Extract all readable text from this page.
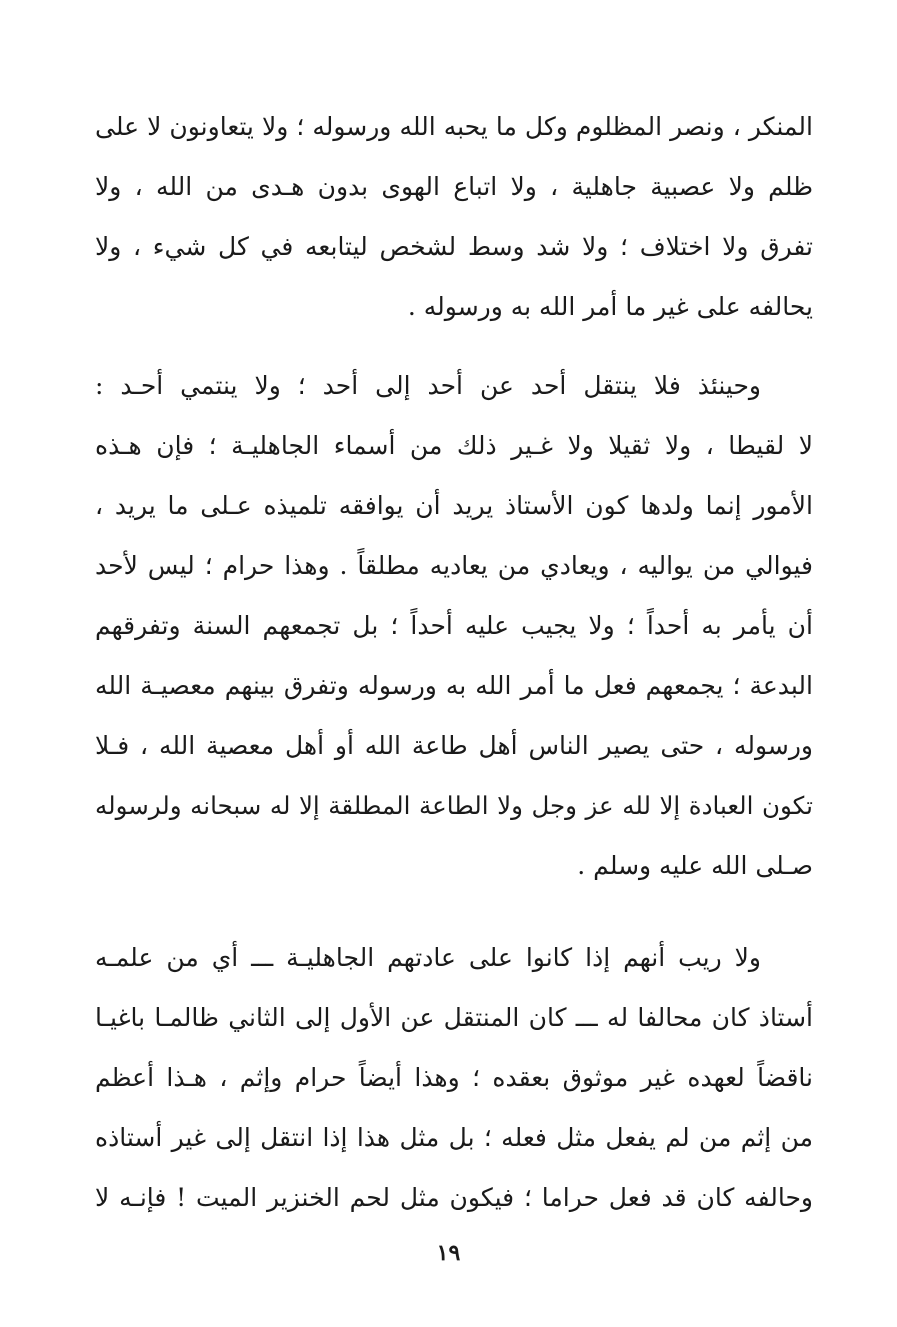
المنكر ، ونصر المظلوم وكل ما يحبه الله ورسوله ؛ ولا يتعاونون لا على
ظلم ولا عصبية جاهلية ، ولا اتباع الهوى بدون هـدى من الله ، ولا
تفرق ولا اختلاف ؛ ولا شد وسط لشخص ليتابعه في كل شيء ، ولا
يحالفه على غير ما أمر الله به ورسوله .
وحينئذ فلا ينتقل أحد عن أحد إلى أحد ؛ ولا ينتمي أحـد :
لا لقيطا ، ولا ثقيلا ولا غـير ذلك من أسماء الجاهليـة ؛ فإن هـذه
الأمور إنما ولدها كون الأستاذ يريد أن يوافقه تلميذه عـلى ما يريد ،
فيوالي من يواليه ، ويعادي من يعاديه مطلقاً . وهذا حرام ؛ ليس لأحد
أن يأمر به أحداً ؛ ولا يجيب عليه أحداً ؛ بل تجمعهم السنة وتفرقهم
البدعة ؛ يجمعهم فعل ما أمر الله به ورسوله وتفرق بينهم معصيـة الله
ورسوله ، حتى يصير الناس أهل طاعة الله أو أهل معصية الله ، فـلا
تكون العبادة إلا لله عز وجل ولا الطاعة المطلقة إلا له سبحانه ولرسوله
صـلى الله عليه وسلم .
ولا ريب أنهم إذا كانوا على عادتهم الجاهليـة ـــ أي من علمـه
أستاذ كان محالفا له ـــ كان المنتقل عن الأول إلى الثاني ظالمـا باغيـا
ناقضاً لعهده غير موثوق بعقده ؛ وهذا أيضاً حرام وإثم ، هـذا أعظم
من إثم من لم يفعل مثل فعله ؛ بل مثل هذا إذا انتقل إلى غير أستاذه
وحالفه كان قد فعل حراما ؛ فيكون مثل لحم الخنزير الميت ! فإنـه لا
١٩
